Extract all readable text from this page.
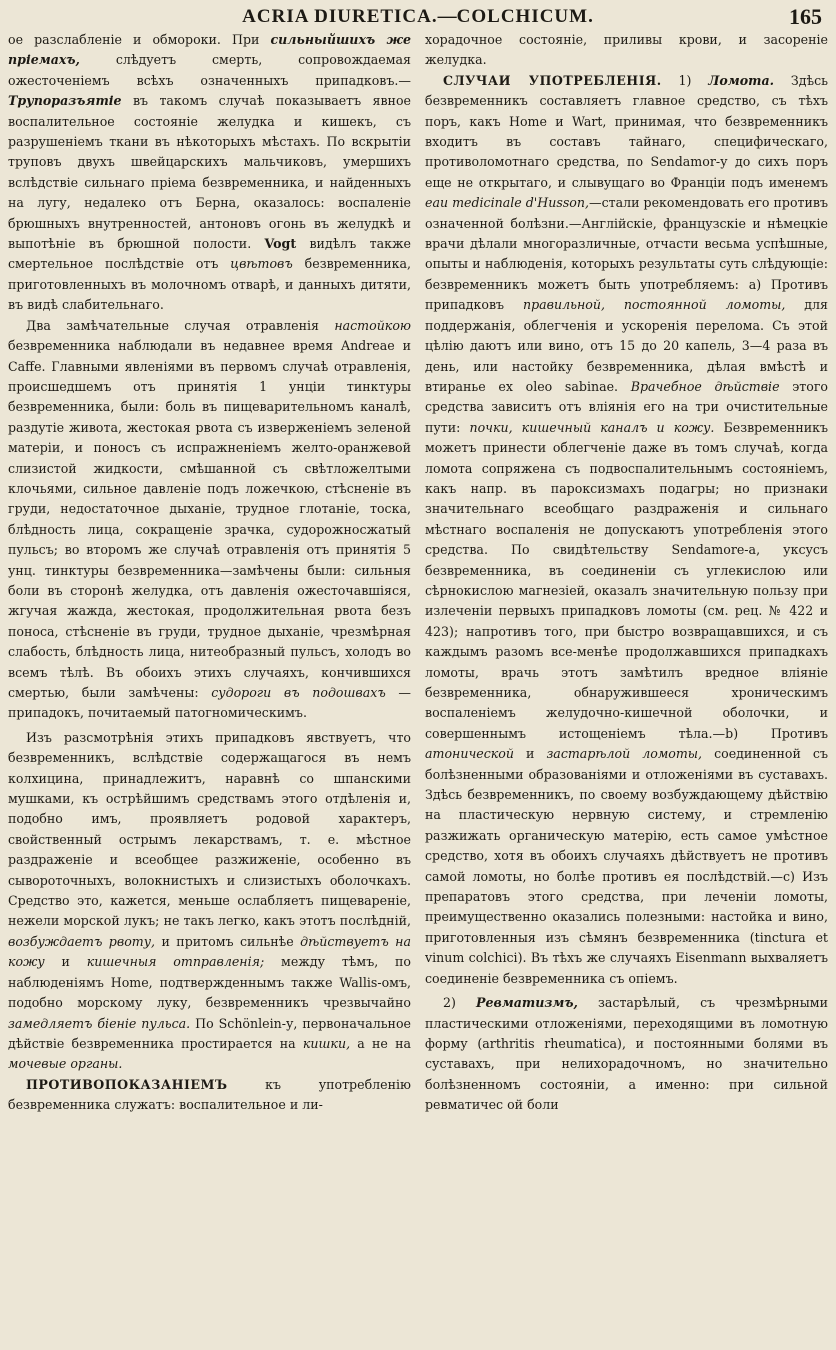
ACRIA DIURETICA.—COLCHICUM.	165

ое разслабленіе и обмороки. При сильныйшихъ же пріемахъ, слѣдуетъ смерть, сопровождаемая ожесточеніемъ всѣхъ означенныхъ припадковъ.—Трупоразъятіе въ такомъ случаѣ показываетъ явное воспалительное состояніе желудка и кишекъ, съ разрушеніемъ ткани въ нѣкоторыхъ мѣстахъ. По вскрытіи труповъ двухъ швейцарскихъ мальчиковъ, умершихъ вслѣдствіе сильнаго пріема безвременника, и найденныхъ на лугу, недалеко отъ Берна, оказалось: воспаленіе брюшныхъ внутренностей, антоновъ огонь въ желудкѣ и выпотѣніе въ брюшной полости. Vogt видѣлъ также смертельное послѣдствіе отъ цвѣтовъ безвременника, приготовленныхъ въ молочномъ отварѣ, и данныхъ дитяти, въ видѣ слабительнаго.

Два замѣчательные случая отравленія настойкою безвременника наблюдали въ недавнее время Andreae и Caffe. Главными явленіями въ первомъ случаѣ отравленія, происшедшемъ отъ принятія 1 унціи тинктуры безвременника, были: боль въ пищеварительномъ каналѣ, раздутіе живота, жестокая рвота съ изверженіемъ зеленой матеріи, и поносъ съ испражненіемъ желто-оранжевой слизистой жидкости, смѣшанной съ свѣтложелтыми клочьями, сильное давленіе подъ ложечкою, стѣсненіе въ груди, недостаточное дыханіе, трудное глотаніе, тоска, блѣдность лица, сокращеніе зрачка, судорожносжатый пульсъ; во второмъ же случаѣ отравленія отъ принятія 5 унц. тинктуры безвременника—замѣчены были: сильныя боли въ сторонѣ желудка, отъ давленія ожесточавшіяся, жгучая жажда, жестокая, продолжительная рвота безъ поноса, стѣсненіе въ груди, трудное дыханіе, чрезмѣрная слабость, блѣдность лица, нитеобразный пульсъ, холодъ во всемъ тѣлѣ. Въ обоихъ этихъ случаяхъ, кончившихся смертью, были замѣчены: судороги въ подошвахъ — припадокъ, почитаемый патогномическимъ.

Изъ разсмотрѣнія этихъ припадковъ явствуетъ, что безвременникъ, вслѣдствіе содержащагося въ немъ колхицина, принадлежитъ, наравнѣ со шпанскими мушками, къ острѣйшимъ средствамъ этого отдѣленія и, подобно имъ, проявляетъ родовой характеръ, свойственный острымъ лекарствамъ, т. е. мѣстное раздраженіе и всеобщее разжиженіе, особенно въ сывороточныхъ, волокнистыхъ и слизистыхъ оболочкахъ. Средство это, кажется, меньше ослабляетъ пищевареніе, нежели морской лукъ; не такъ легко, какъ этотъ послѣдній, возбуждаетъ рвоту, и притомъ сильнѣе дѣйствуетъ на кожу и кишечныя отправленія; между тѣмъ, по наблюденіямъ Home, подтвержденнымъ также Wallis-омъ, подобно морскому луку, безвременникъ чрезвычайно замедляетъ біеніе пульса. По Schönlein-у, первоначальное дѣйствіе безвременника простирается на кишки, а не на мочевые органы.

ПРОТИВОПОКАЗАНІЕМЪ къ употребленію безвременника служатъ: воспалительное и ли-

хорадочное состояніе, приливы крови, и засореніе желудка.

СЛУЧАИ УПОТРЕБЛЕНІЯ. 1) Ломота. Здѣсь безвременникъ составляетъ главное средство, съ тѣхъ поръ, какъ Home и Wart, принимая, что безвременникъ входитъ въ составъ тайнаго, специфическаго, противоломотнаго средства, по Sendamor-у до сихъ поръ еще не открытаго, и слывущаго во Франціи подъ именемъ eau medicinale d'Husson,—стали рекомендовать его противъ означенной болѣзни.—Англійскіе, французскіе и нѣмецкіе врачи дѣлали многоразличные, отчасти весьма успѣшные, опыты и наблюденія, которыхъ результаты суть слѣдующіе: безвременникъ можетъ быть употребляемъ: a) Противъ припадковъ правильной, постоянной ломоты, для поддержанія, облегченія и ускоренія перелома. Съ этой цѣлію даютъ или вино, отъ 15 до 20 капель, 3—4 раза въ день, или настойку безвременника, дѣлая вмѣстѣ и втиранье ex oleo sabinae. Врачебное дѣйствіе этого средства зависитъ отъ вліянія его на три очистительные пути: почки, кишечный каналъ и кожу. Безвременникъ можетъ принести облегченіе даже въ томъ случаѣ, когда ломота сопряжена съ подвоспалительнымъ состояніемъ, какъ напр. въ пароксизмахъ подагры; но признаки значительнаго всеобщаго раздраженія и сильнаго мѣстнаго воспаленія не допускаютъ употребленія этого средства. По свидѣтельству Sendamore-а, уксусъ безвременника, въ соединеніи съ углекислою или сѣрнокислою магнезіей, оказалъ значительную пользу при излеченіи первыхъ припадковъ ломоты (см. рец. № 422 и 423); напротивъ того, при быстро возвращавшихся, и съ каждымъ разомъ все-менѣе продолжавшихся припадкахъ ломоты, врачь этотъ замѣтилъ вредное вліяніе безвременника, обнаружившееся хроническимъ воспаленіемъ желудочно-кишечной оболочки, и совершеннымъ истощеніемъ тѣла.—b) Противъ атонической и застарѣлой ломоты, соединенной съ болѣзненными образованіями и отложеніями въ суставахъ. Здѣсь безвременникъ, по своему возбуждающему дѣйствію на пластическую нервную систему, и стремленію разжижать органическую матерію, есть самое умѣстное средство, хотя въ обоихъ случаяхъ дѣйствуетъ не противъ самой ломоты, но болѣе противъ ея послѣдствій.—c) Изъ препаратовъ этого средства, при леченіи ломоты, преимущественно оказались полезными: настойка и вино, приготовленныя изъ сѣмянъ безвременника (tinctura et vinum colchici). Въ тѣхъ же случаяхъ Eisenmann выхваляетъ соединеніе безвременника съ опіемъ.

2) Ревматизмъ, застарѣлый, съ чрезмѣрными пластическими отложеніями, переходящими въ ломотную форму (arthritis rheumatica), и постоянными болями въ суставахъ, при нелихорадочномъ, но значительно болѣзненномъ состояніи, а именно: при сильной ревматичес ой боли
